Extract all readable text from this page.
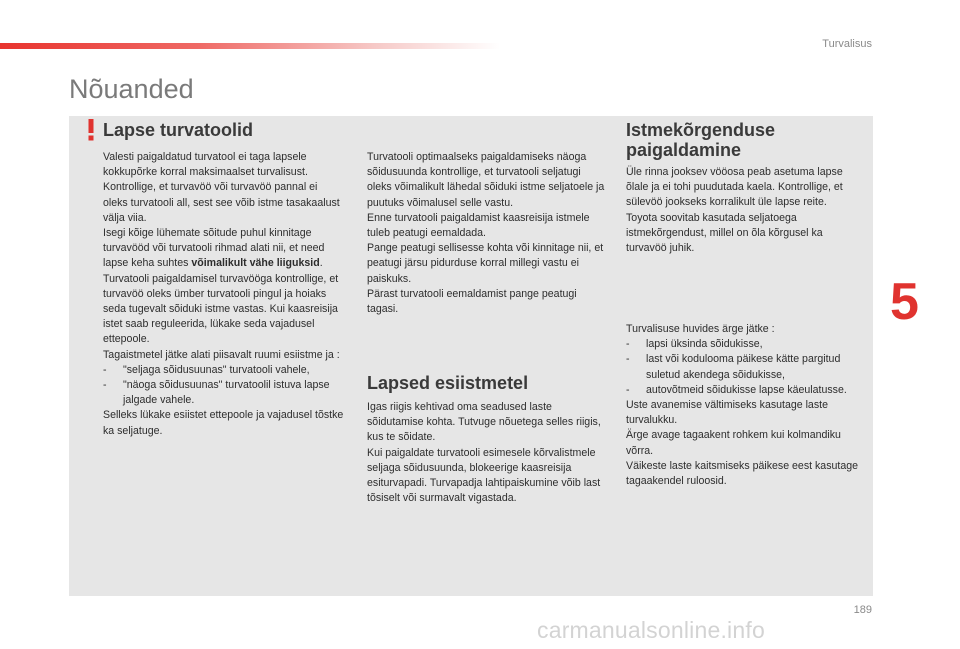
Turvalisus
Nõuanded
Lapse turvatoolid

Valesti paigaldatud turvatool ei taga lapsele kokkupõrke korral maksimaalset turvalisust. Kontrollige, et turvavöö või turvavöö pannal ei oleks turvatooli all, sest see võib istme tasakaalust välja viia.

Isegi kõige lühemate sõitude puhul kinnitage turvavööd või turvatooli rihmad alati nii, et need lapse keha suhtes võimalikult vähe liiguksid.

Turvatooli paigaldamisel turvavööga kontrollige, et turvavöö oleks ümber turvatooli pingul ja hoiaks seda tugevalt sõiduki istme vastas. Kui kaasreisija istet saab reguleerida, lükake seda vajadusel ettepoole.

Tagaistmetel jätke alati piisavalt ruumi esiistme ja :

- "seljaga sõidusuunas" turvatooli vahele,
- "näoga sõidusuunas" turvatoolil istuva lapse jalgade vahele.

Selleks lükake esiistet ettepoole ja vajadusel tõstke ka seljatuge.

Turvatooli optimaalseks paigaldamiseks näoga sõidusuunda kontrollige, et turvatooli seljatugi oleks võimalikult lähedal sõiduki istme seljatoele ja puutuks võimalusel selle vastu.

Enne turvatooli paigaldamist kaasreisija istmele tuleb peatugi eemaldada.

Pange peatugi sellisesse kohta või kinnitage nii, et peatugi järsu pidurduse korral millegi vastu ei paiskuks.

Pärast turvatooli eemaldamist pange peatugi tagasi.

Lapsed esiistmetel

Igas riigis kehtivad oma seadused laste sõidutamise kohta. Tutvuge nõuetega selles riigis, kus te sõidate.

Kui paigaldate turvatooli esimesele kõrvalistmele seljaga sõidusuunda, blokeerige kaasreisija esiturvapadi. Turvapadja lahtipaiskumine võib last tõsiselt või surmavalt vigastada.

Istmekõrgenduse paigaldamine

Üle rinna jooksev vööosa peab asetuma lapse õlale ja ei tohi puudutada kaela. Kontrollige, et sülevöö jookseks korralikult üle lapse reite.

Toyota soovitab kasutada seljatoega istmekõrgendust, millel on õla kõrgusel ka turvavöö juhik.

Turvalisuse huvides ärge jätke :

- lapsi üksinda sõidukisse,
- last või koduloomа päikese kätte pargitud suletud akendega sõidukisse,
- autovõtmeid sõidukisse lapse käeulatusse.

Uste avanemise vältimiseks kasutage laste turvalukku.

Ärge avage tagaakent rohkem kui kolmandiku võrra.

Väikeste laste kaitsmiseks päikese eest kasutage tagaakendel ruloosid.

5
189
carmanualsonline.info
